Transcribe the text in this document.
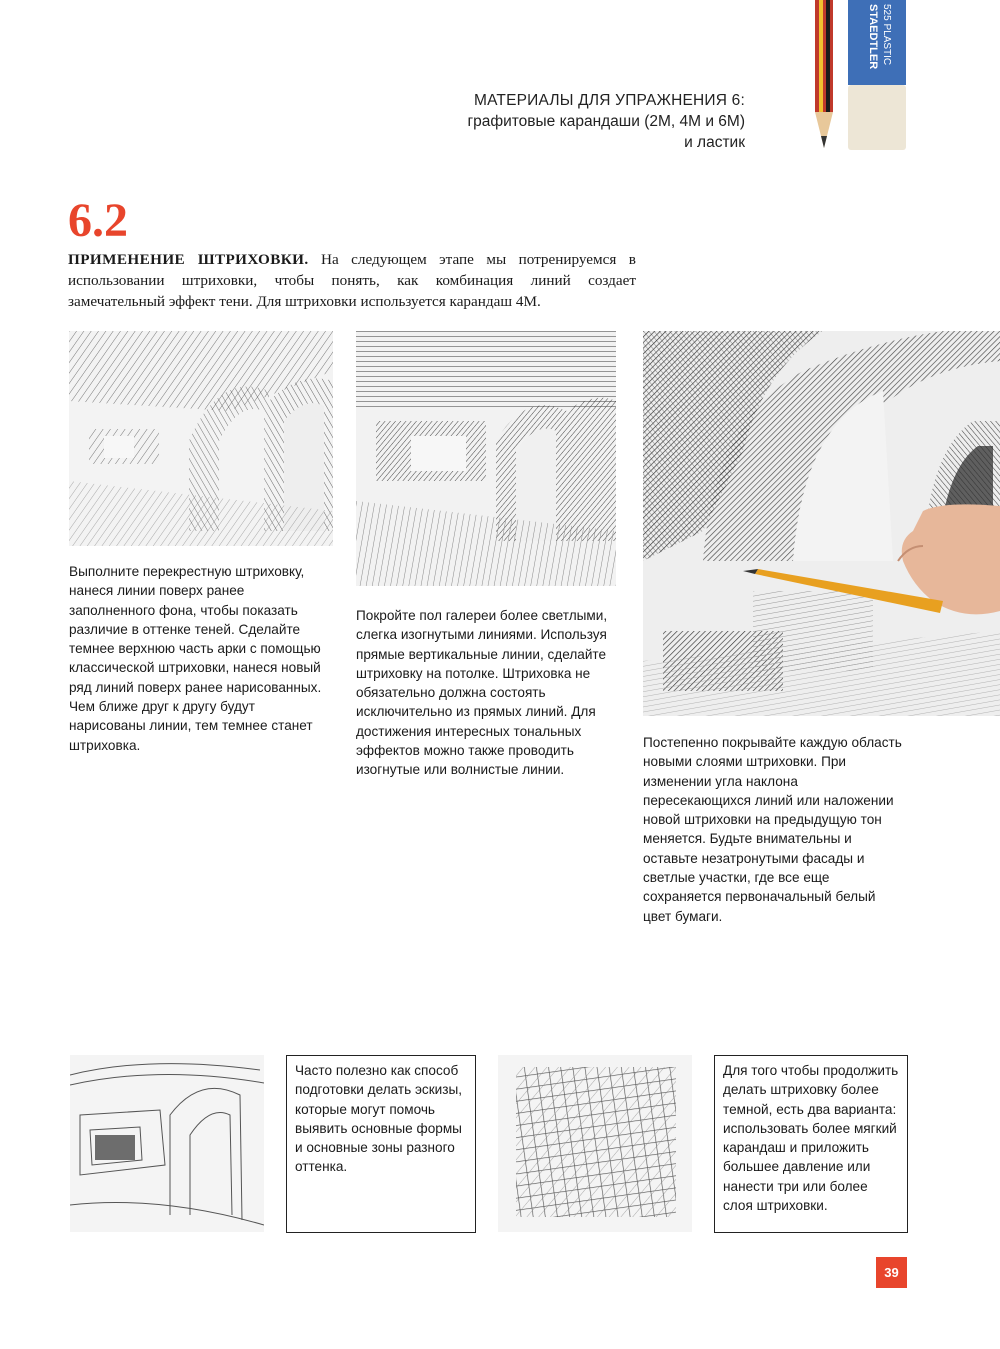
МАТЕРИАЛЫ ДЛЯ УПРАЖНЕНИЯ 6:
графитовые карандаши (2М, 4М и 6М)
и ластик
STAEDTLER 525 PLASTIC
6.2
ПРИМЕНЕНИЕ ШТРИХОВКИ. На следующем этапе мы потренируемся в использовании штриховки, чтобы понять, как комбинация линий создает замечательный эффект тени. Для штриховки используется карандаш 4М.
Выполните перекрестную штриховку, нанеся линии поверх ранее заполненного фона, чтобы показать различие в оттенке теней. Сделайте темнее верхнюю часть арки с помощью классической штриховки, нанеся новый ряд линий поверх ранее нарисованных. Чем ближе друг к другу будут нарисованы линии, тем темнее станет штриховка.
Покройте пол галереи более светлыми, слегка изогнутыми линиями. Используя прямые вертикальные линии, сделайте штриховку на потолке. Штриховка не обязательно должна состоять исключительно из прямых линий. Для достижения интересных тональных эффектов можно также проводить изогнутые или волнистые линии.
Постепенно покрывайте каждую область новыми слоями штриховки. При изменении угла наклона пересекающихся линий или наложении новой штриховки на предыдущую тон меняется. Будьте внимательны и оставьте незатронутыми фасады и светлые участки, где все еще сохраняется первоначальный белый цвет бумаги.
Часто полезно как способ подготовки делать эскизы, которые могут помочь выявить основные формы и основные зоны разного оттенка.
Для того чтобы продолжить делать штриховку более темной, есть два варианта: использовать более мягкий карандаш и приложить большее давление или нанести три или более слоя штриховки.
39
